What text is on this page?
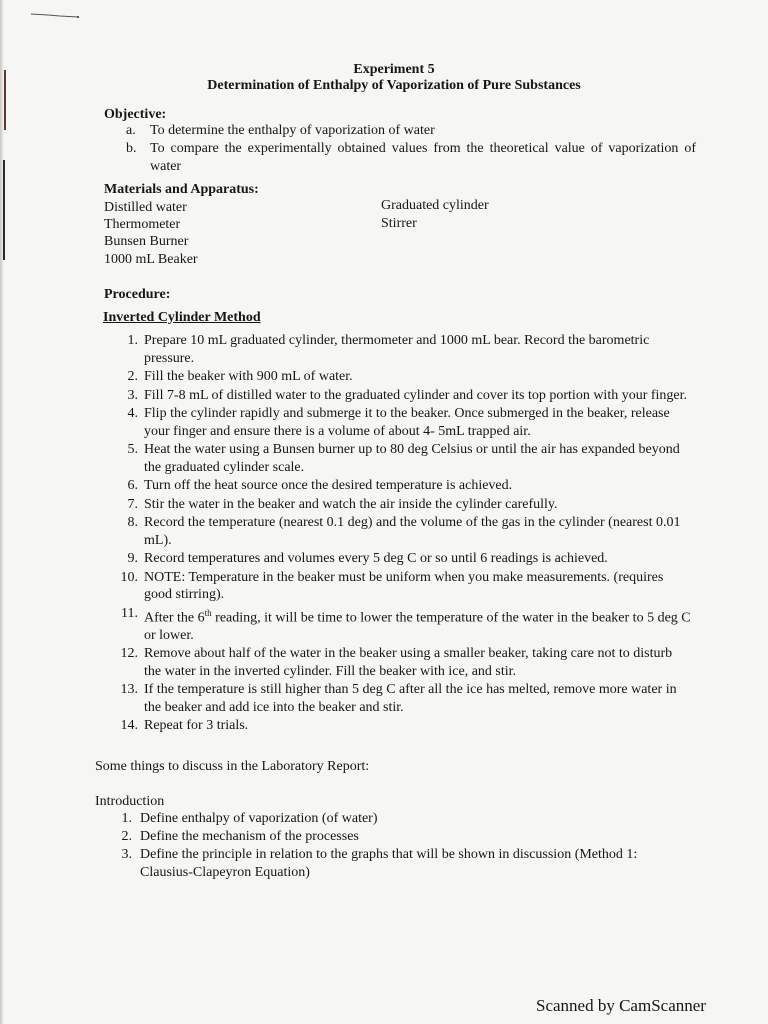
Experiment 5
Determination of Enthalpy of Vaporization of Pure Substances
Objective:
a. To determine the enthalpy of vaporization of water
b. To compare the experimentally obtained values from the theoretical value of vaporization of water
Materials and Apparatus:
Distilled water
Thermometer
Bunsen Burner
1000 mL Beaker
Graduated cylinder
Stirrer
Procedure:
Inverted Cylinder Method
1. Prepare 10 mL graduated cylinder, thermometer and 1000 mL bear. Record the barometric pressure.
2. Fill the beaker with 900 mL of water.
3. Fill 7-8 mL of distilled water to the graduated cylinder and cover its top portion with your finger.
4. Flip the cylinder rapidly and submerge it to the beaker. Once submerged in the beaker, release your finger and ensure there is a volume of about 4- 5mL trapped air.
5. Heat the water using a Bunsen burner up to 80 deg Celsius or until the air has expanded beyond the graduated cylinder scale.
6. Turn off the heat source once the desired temperature is achieved.
7. Stir the water in the beaker and watch the air inside the cylinder carefully.
8. Record the temperature (nearest 0.1 deg) and the volume of the gas in the cylinder (nearest 0.01 mL).
9. Record temperatures and volumes every 5 deg C or so until 6 readings is achieved.
10. NOTE: Temperature in the beaker must be uniform when you make measurements. (requires good stirring).
11. After the 6th reading, it will be time to lower the temperature of the water in the beaker to 5 deg C or lower.
12. Remove about half of the water in the beaker using a smaller beaker, taking care not to disturb the water in the inverted cylinder. Fill the beaker with ice, and stir.
13. If the temperature is still higher than 5 deg C after all the ice has melted, remove more water in the beaker and add ice into the beaker and stir.
14. Repeat for 3 trials.
Some things to discuss in the Laboratory Report:
Introduction
1. Define enthalpy of vaporization (of water)
2. Define the mechanism of the processes
3. Define the principle in relation to the graphs that will be shown in discussion (Method 1: Clausius-Clapeyron Equation)
Scanned by CamScanner
